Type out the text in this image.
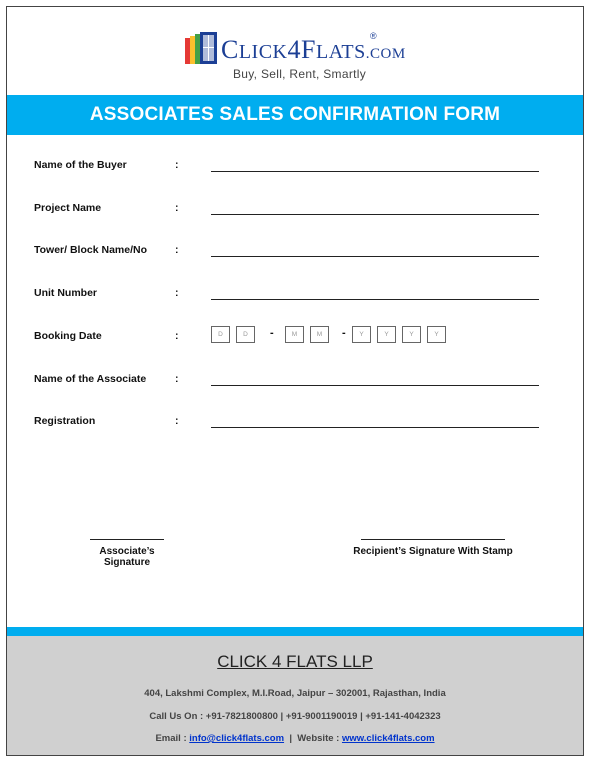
CLICK4FLATS.COM
®
Buy, Sell, Rent, Smartly
ASSOCIATES SALES CONFIRMATION FORM
Name of the Buyer	:
Project Name	:
Tower/ Block Name/No	:
Unit Number	:
Booking Date	:	D	D	-	M	M	-	Y	Y	Y	Y
Name of the Associate	:
Registration	:
Associate’s Signature
Recipient’s Signature With Stamp
CLICK 4 FLATS LLP
404, Lakshmi Complex, M.I.Road, Jaipur – 302001, Rajasthan, India
Call Us On : +91-7821800800 | +91-9001190019 | +91-141-4042323
Email : info@click4flats.com  |  Website : www.click4flats.com
